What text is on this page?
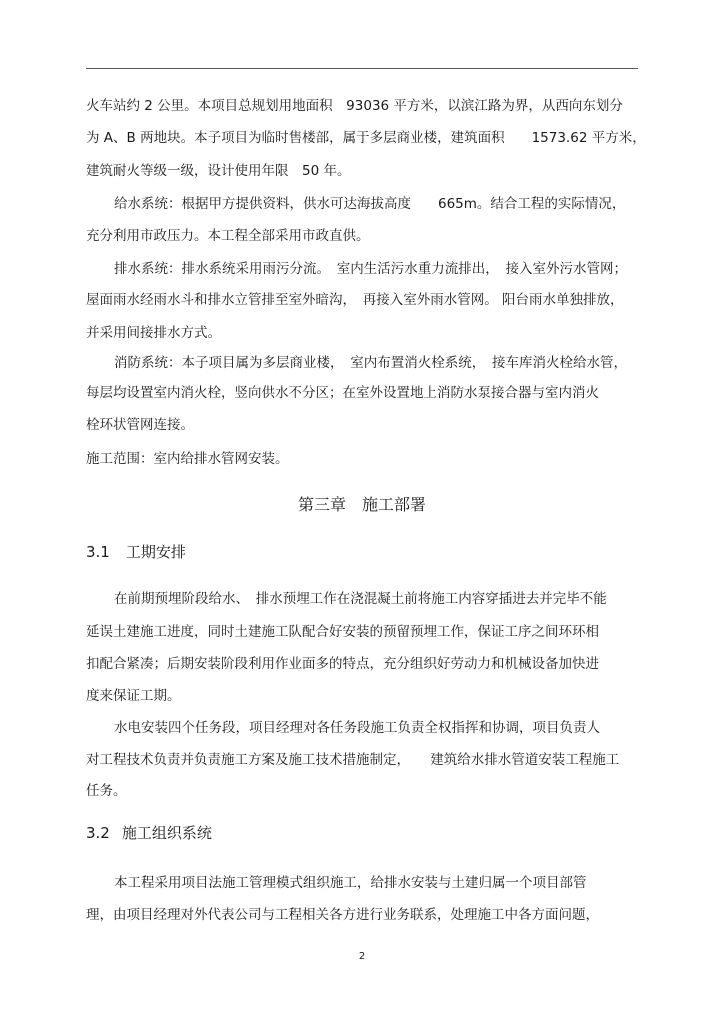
火车站约 2 公里。本项目总规划用地面积　93036 平方米，以滨江路为界，从西向东划分
为 A、B 两地块。本子项目为临时售楼部，属于多层商业楼，建筑面积　　1573.62 平方米，
建筑耐火等级一级，设计使用年限　50 年。
给水系统：根据甲方提供资料，供水可达海拔高度　　665m。结合工程的实际情况，
充分利用市政压力。本工程全部采用市政直供。
排水系统：排水系统采用雨污分流。　室内生活污水重力流排出，　接入室外污水管网；
屋面雨水经雨水斗和排水立管排至室外暗沟，　再接入室外雨水管网。 阳台雨水单独排放，
并采用间接排水方式。
消防系统：本子项目属为多层商业楼，　室内布置消火栓系统，　接车库消火栓给水管，
每层均设置室内消火栓，竖向供水不分区；在室外设置地上消防水泵接合器与室内消火
栓环状管网连接。
施工范围：室内给排水管网安装。
第三章　施工部署
3.1 工期安排
在前期预埋阶段给水、　排水预埋工作在浇混凝土前将施工内容穿插进去并完毕不能
延误土建施工进度，同时土建施工队配合好安装的预留预埋工作，保证工序之间环环相
扣配合紧凑；后期安装阶段利用作业面多的特点，充分组织好劳动力和机械设备加快进
度来保证工期。
水电安装四个任务段，项目经理对各任务段施工负责全权指挥和协调，项目负责人
对工程技术负责并负责施工方案及施工技术措施制定，　　建筑给水排水管道安装工程施工
任务。
3.2 施工组织系统
本工程采用项目法施工管理模式组织施工，给排水安装与土建归属一个项目部管
理，由项目经理对外代表公司与工程相关各方进行业务联系，处理施工中各方面问题，
2
